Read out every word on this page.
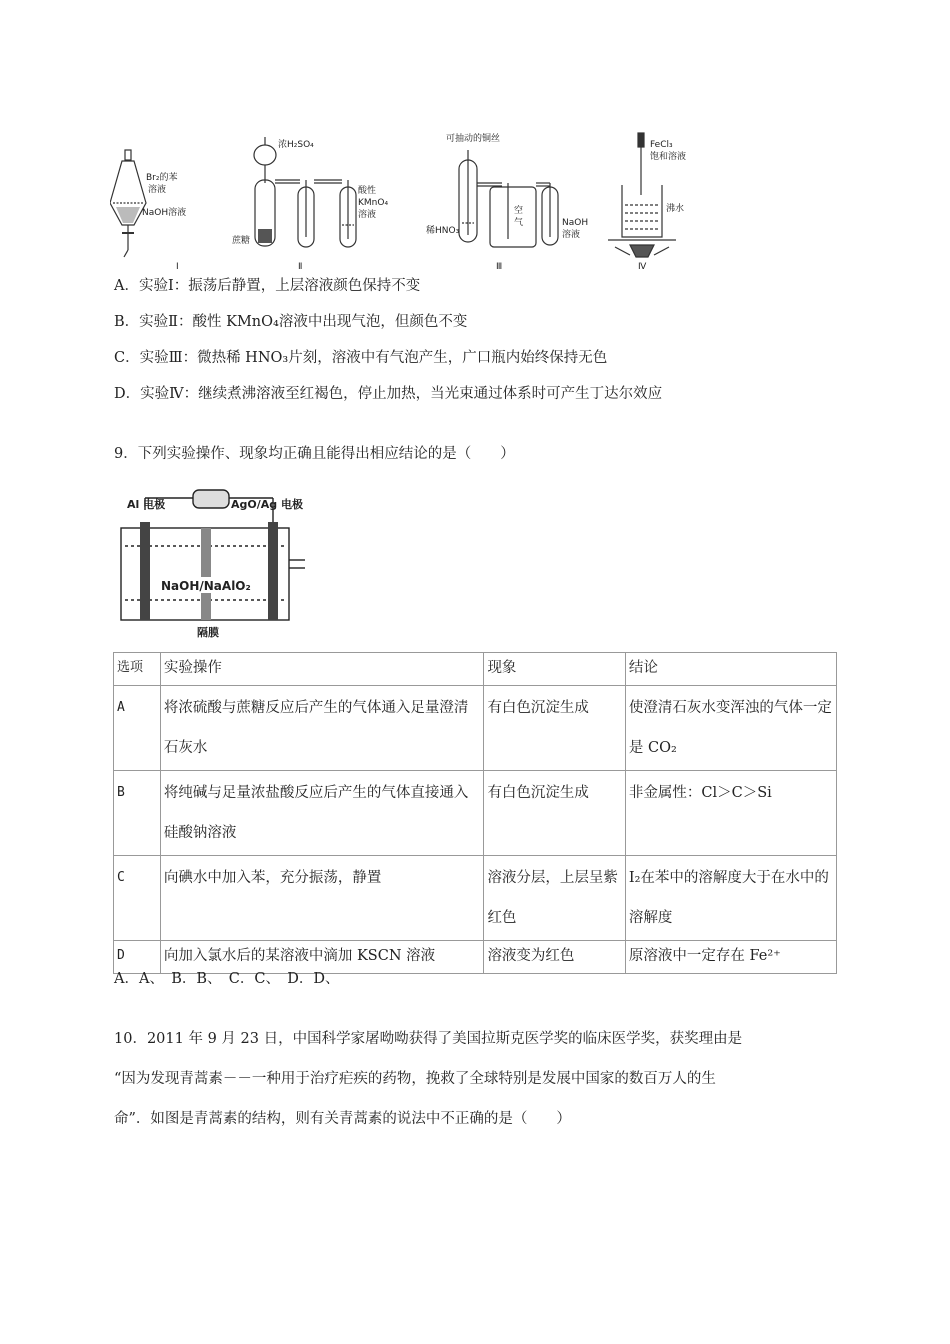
Br₂的苯
溶液
NaOH溶液
Ⅰ
浓H₂SO₄
蔗糖
酸性
KMnO₄
溶液
Ⅱ
可抽动的铜丝
稀HNO₃
空
气	NaOH
溶液
Ⅲ
FeCl₃
饱和溶液
沸水
Ⅳ
A．实验Ⅰ：振荡后静置，上层溶液颜色保持不变
B．实验Ⅱ：酸性 KMnO₄溶液中出现气泡，但颜色不变
C．实验Ⅲ：微热稀 HNO₃片刻，溶液中有气泡产生，广口瓶内始终保持无色
D．实验Ⅳ：继续煮沸溶液至红褐色，停止加热，当光束通过体系时可产生丁达尔效应
9．下列实验操作、现象均正确且能得出相应结论的是（　　）
Al 电极	AgO/Ag 电极
NaOH/NaAlO₂
隔膜
选项	实验操作	现象	结论
A	将浓硫酸与蔗糖反应后产生的气体通入足量澄清石灰水	有白色沉淀生成	使澄清石灰水变浑浊的气体一定是 CO₂
B	将纯碱与足量浓盐酸反应后产生的气体直接通入硅酸钠溶液	有白色沉淀生成	非金属性：Cl＞C＞Si
C	向碘水中加入苯，充分振荡，静置	溶液分层，上层呈紫红色	I₂在苯中的溶解度大于在水中的溶解度
D	向加入氯水后的某溶液中滴加 KSCN 溶液	溶液变为红色	原溶液中一定存在 Fe²⁺
A．A、　B．B、　C．C、　D．D、
10．2011 年 9 月 23 日，中国科学家屠呦呦获得了美国拉斯克医学奖的临床医学奖，获奖理由是
“因为发现青蒿素－－一种用于治疗疟疾的药物，挽救了全球特别是发展中国家的数百万人的生
命”．如图是青蒿素的结构，则有关青蒿素的说法中不正确的是（　　）
